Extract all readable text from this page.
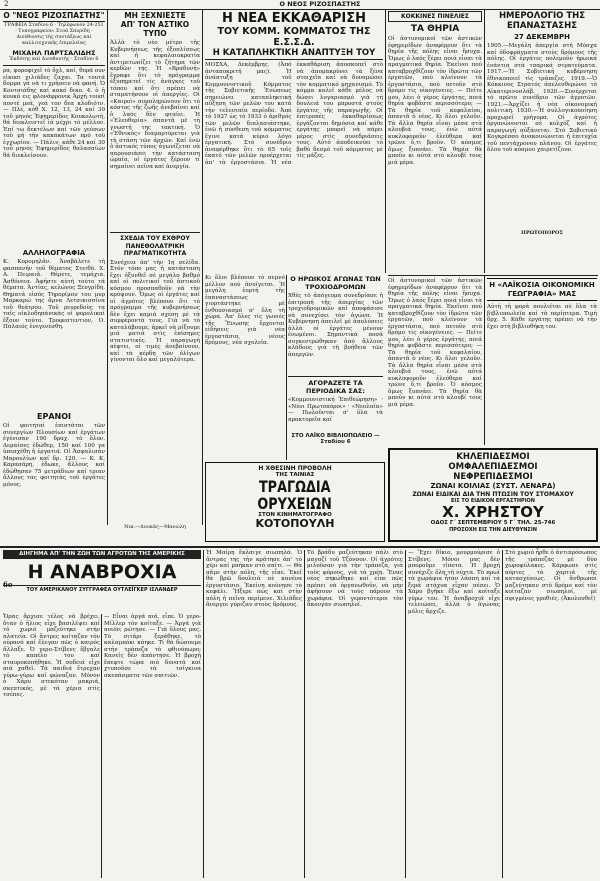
2	Ο ΝΕΟΣ ΡΙΖΟΣΠΑΣΤΗΣ
Ο "ΝΕΟΣ ΡΙΖΟΣΠΑΣΤΗΣ"
ΓΡΑΦΕΙΑ Σταδίου 6 · Τηλέφωνον 24-251 · Τυπογραφείον: Στοά Σπυρίδη · Διεύθυνσις τῆς συντάξεως καί καλλιτεχνικῆς ἐπιμελείας
ΜΙΧΑΗΛ ΠΑΡΤΣΑΛΙΔΗΣ
Ἐκδότης καί Διευθυντής · Σταδίου 6
ρα, φοροφιχεῖ τὸ ὄχλ, καί, θορά ουν εἰκοσι χιλιάδες ζαχαι. Τα τουτά δομμα γὰ νὰ τι χρήσειν νὰ φανή. Ὁ Κουτσιάδης καί κακό δικο. 4. ὁ ἡ κουκό εις φλονάφρονικ Ἀρχή τουσί ποντέ μεὰ, γεά τον δεα κλοδιότν. — Πλέ, κόθ Χ. 12, 13, 24 καί 30 τοῦ μηνός Ἐφημερίδος Κουκολωτή, θά διεκλειστεῖ ἰά μέχρι τὸ μέλλον. Ἐπί τω δεκτέλων καί τῶν γεύσων τοῦ μή τὴν κακακάτων πρό τοὺ ἐγχωρίου. — Πάλιν, κάθε 24 καί 30 τοῦ μηνός Ἐφημερίδος θαλασσίων θά διεκλείσουν.
ΑΛΛΗΛΟΓΡΑΦΙΑ
Κ. Κορομηλᾶν. Ἀναβάλετε τὴ φασπανήν τοῦ θέματος Στειθό. Χ. Α. Πειραιᾶ. Θέρετε, τεμάχια. Ἀσθόνεια. Ἀφήστε αὐτή τούτο τά θέματα. Ἀντίας, κελώνος Ξευγρίδη. Θηματά εἰσός Τηρορίμου του μυρ Μαρκαρώ της ἄρνα Λετσικισσίνα τοῦ θεάτρου. Τοῦ ρευρεδοὺς τα ταῖς οἰκλοδηπάνικὰς οἱ φορολικαὶ ἔξουν τούτο. Τροφεστεντιον, Ο. Παλαιός ἐνεγενέσθη.
ΕΡΑΝΟΙ
Οἱ φοιτηταὶ ἐπιστάται τῶν συνεργίων Πλουσίων καί ἐργάτων ἐγένισαν 190 δραχ. τὸ ὅλον. Δεμαίσες ἐδώθερ, 150 καί 100 γα ὑπεσχέθη ἡ ἐργατιά. Οἱ Ἀσφαλισάν Μαρουλίων καί δρ. 120. — Κ. Κ. Καρασάρη, ἐδωκε, ἄλλους καί ἐδώθησαν 75 μετράδιων καί τριαν ἄλλους τας φοιτητὰς τοῦ ἐργάτες μόνος.
ΜΗ ΞΕΧΝΙΕΣΤΕ
ΑΠ' ΤΟΝ ΑΣΤΙΚΟ ΤΥΠΟ
Ἀλλὰ τὸ νέο μέτρο τῆς Κυβερνήσεως τῆς ἐξοπλίσεως καί ἡ κεφαλαιοκρατία ἀντιμετωπίζει τὸ ζήτημα τῶν κερδῶν της. Ἡ «Βραδυνή» ἔγραφε ὅτι τὸ πρόγραμμα ἐξυπηρετεῖ τὶς ἀνάγκες τοῦ τόπου καί ὅτι πρέπει νὰ σταματήσουν οἱ ἀπεργίες. Οἱ «Καιροὶ» συμπληρώνουν ὅτι τὸ κόστος τῆς ζωῆς ἀνεβαίνει καί ὁ λαός δὲν φταίει. Ἡ «Ἐλευθερία» ἀπαντᾶ μὲ τὴ γνωστή της τακτική. Ὁ «Ἐθνικός» διαμαρτύρεται γιὰ τὴ στάση τῶν ἀρχῶν. Καί ἐνῶ ὁ ἀστικός τύπος ἀγωνίζεται νὰ παρουσιάσει τὴν κατάσταση ὡραία, οἱ ἐργάτες ξέρουν τί σημαίνει πεῖνα καί ἀνεργία.
ΣΧΕΔΙΑ ΤΟΥ ΕΧΘΡΟΥ ΠΑΝΕΘΟΛΑΤΡΙΚΗ ΠΡΑΓΜΑΤΙΚΟΤΗΤΑ
Συνέχεια ἀπ' τὴν 1η σελίδα. Στόν τόπο μας ἡ κατάσταση ἔχει ὀξυνθεῖ σὲ μεγάλο βαθμό καί οἱ πολιτικοί τοῦ ἀστικοῦ κόσμου προσπαθοῦν νὰ τὴν κρύψουν. Ὅμως οἱ ἐργάτες καί οἱ ἀγρότες βλέπουν ὅτι τὸ πρόγραμμα τῆς κυβερνήσεως δὲν ἔχει καμιά σχέση μὲ τὰ συμφέροντά τους. Γιὰ νὰ τὸ καταλάβουμε, ἀρκεῖ νὰ ρίξουμε μιά ματιά στὶς ἐπίσημες στατιστικές. Ἡ παραγωγή πέφτει, οἱ τιμές ἀνεβαίνουν, καί τὰ κέρδη τῶν ὀλίγων γίνονται ὅλο καί μεγαλύτερα.
Νικ.—Δουκᾶς—Μανώλη
Η ΝΕΑ ΕΚΚΑΘΑΡΙΣΗ
ΤΟΥ ΚΟΜΜ. ΚΟΜΜΑΤΟΣ ΤΗΣ Ε.Σ.Σ.Δ.
Η ΚΑΤΑΠΛΗΚΤΙΚΗ ΑΝΑΠΤΥΞΗ ΤΟΥ
ΜΟΣΧΑ, Δεκέμβρης. (Ἀπό ἀνταποκριτή μας). Ἡ ἀνάπτυξη τοῦ Κομμουνιστικοῦ Κόμματος τῆς Σοβιετικῆς Ἑνώσεως σημειώνει καταπληκτική αὔξηση τῶν μελῶν του κατά τὴν τελευταία περίοδο. Ἀπό τὸ 1927 ὡς τὸ 1933 ὁ ἀριθμός τῶν μελῶν διπλασιάστηκε, ἐνῶ ἡ σύνθεση τοῦ κόμματος ἔγινε κατά κύριο λόγο ἐργατική. Στό συνέδριο ἀναφέρθηκε ὅτι τὸ 65 τοῖς ἑκατό τῶν μελῶν προέρχεται ἀπ' τὰ ἐργοστάσια. Ἡ νέα ἐκκαθάριση ἀποσκοπεῖ στὸ νὰ ἀπομακρύνει τὰ ξένα στοιχεῖα καί νὰ δυναμώσει τὸν κομματικό μηχανισμό. Τὸ κόμμα καλεῖ κάθε μέλος νὰ δώσει λογαριασμό γιὰ τὴ δουλειά του μπροστά στοὺς ἐργάτες τῆς παραγωγῆς. Οἱ ἐπιτροπές ἐκκαθαρίσεως ἐργάζονται δημόσια καί κάθε ἐργάτης μπορεῖ νὰ πάρει μέρος στὶς συνεδριάσεις τους. Αὐτό ἀποδεικνύει τὸ βαθὺ δεσμό τοῦ κόμματος μὲ τὶς μάζες.
ΚΟΚΚΙΝΕΣ ΠΙΝΕΛΙΕΣ
ΤΑ ΘΗΡΙΑ
Οἱ ἀστυνομικοί τῶν ἀστικῶν ἐφημερίδων ἀναφέρουν ὅτι τὰ θηρία τῆς πόλης εἶναι ἥσυχα. Ὅμως ὁ λαός ξέρει ποιά εἶναι τὰ πραγματικά θηρία. Ἐκεῖνοι πού καταβροχθίζουν τὸν ἱδρῶτα τῶν ἐργατῶν, πού κλείνουν τὰ ἐργοστάσια, πού πετοῦν στὸ δρόμο τὶς οἰκογένειες. — Πείτε μου, λέει ὁ γέρος ἐργάτης, ποιά θηρία φοβᾶστε περισσότερο; — Τὰ θηρία τοῦ κεφαλαίου, ἀπαντᾶ ὁ νέος. Κι ὅλοι γελοῦν. Τὰ ἄλλα θηρία εἶναι μέσα στὰ κλουβιά τους, ἐνῶ αὐτά κυκλοφοροῦν ἐλεύθερα καί τρῶνε ὅ,τι βροῦν. Ὁ κόσμος ὅμως ξυπνάει. Τὰ θηρία θὰ μποῦν κι αὐτά στὸ κλουβί τους μιά μέρα.
ΗΜΕΡΟΛΟΓΙΟ ΤΗΣ ΕΠΑΝΑΣΤΑΣΗΣ
27 ΔΕΚΕΜΒΡΗ
1905.—Μεγάλη ἀπεργία στή Μόσχα καί ὀδοφράγματα στοὺς δρόμους τῆς πόλης. Οἱ ἐργάτες πολεμοῦν ἡρωικά ἐνάντια στὰ τσαρικά στρατεύματα. 1917.—Ἡ Σοβιετική κυβέρνηση ἐθνικοποιεῖ τὶς τράπεζες. 1919.—Ὁ Κόκκινος Στρατός ἀπελευθερώνει τὸ Αἰκατερινοσλάβ. 1920.—Συνέρχεται τὸ πρῶτο συνέδριο τῶν ἀγροτῶν. 1921.—Ἀρχίζει ἡ νέα οἰκονομική πολιτική. 1930.—Ἡ συλλογικοποίηση προχωρεῖ γρήγορα. Οἱ ἀγρότες ὀργανώνονται σὲ κολχόζ καί ἡ παραγωγή αὐξάνεται. Στό Σοβιετικό Κογκρέσσο ἀνακοινώνεται ἡ ἐπιτυχία τοῦ πεντάχρονου πλάνου. Οἱ ἐργάτες ὅλου τοῦ κόσμου χαιρετίζουν.
ΠΡΩΤΟΠΟΡΟΣ
Ο ΗΡΩΙΚΟΣ ΑΓΩΝΑΣ ΤΩΝ ΤΡΟΧΙΟΔΡΟΜΩΝ
Χθές τὸ ἀπόγευμα συνεδρίασε ἡ ἐπιτροπή τῆς ἀπεργίας τῶν τροχιοδρομικῶν καί ἀποφάσισε νὰ συνεχίσει τὸν ἀγώνα. Ἡ Κυβέρνηση ἀπειλεῖ μὲ ἀπολύσεις ἀλλὰ οἱ ἐργάτες μένουν ἑνωμένοι. Σημαντικά ποσά συγκεντρώθηκαν ἀπό ἄλλους κλάδους γιὰ τὴ βοήθεια τῶν ἀπεργῶν.
ΑΓΟΡΑΖΕΤΕ ΤΑ ΠΕΡΙΟΔΙΚΑ ΣΑΣ:
«Κομμουνιστική Ἐπιθεώρηση» · «Νέοι Πρωτοπόροι» · «Νεολαία» — Πωλοῦνται σ' ὅλα τὰ πρακτορεῖα καί
ΣΤΟ ΛΑΪΚΟ ΒΙΒΛΙΟΠΩΛΕΙΟ — Σταδίου 6
Κι ὅλοι βλέπουν τὸ σεμνό μέλλον πού ἀνοίγεται. Ἡ μεγάλη ἑορτή τῆς ἐπαναστάσεως γιορτάστηκε μὲ ἐνθουσιασμό σ' ὅλη τὴ χώρα. Ἀπ' ὅλες τὶς γωνιές τῆς Ἕνωσης ἔρχονται εἰδήσεις γιὰ νέα ἐργοστάσια, νέους δρόμους, νέα σχολεῖα.
Η ΧΘΕΣΙΝΗ ΠΡΟΒΟΛΗ
ΤΗΣ ΤΑΙΝΙΑΣ
ΤΡΑΓΩΔΙΑ
ΟΡΥΧΕΙΩΝ
ΣΤΟΝ ΚΙΝΗΜΑΤΟΓΡΑΦΟ
ΚΟΤΟΠΟΥΛΗ
Οἱ ἀστυνομικοί τῶν ἀστικῶν ἐφημερίδων ἀναφέρουν ὅτι τὰ θηρία τῆς πόλης εἶναι ἥσυχα. Ὅμως ὁ λαός ξέρει ποιά εἶναι τὰ πραγματικά θηρία. Ἐκεῖνοι πού καταβροχθίζουν τὸν ἱδρῶτα τῶν ἐργατῶν, πού κλείνουν τὰ ἐργοστάσια, πού πετοῦν στὸ δρόμο τὶς οἰκογένειες. — Πείτε μου, λέει ὁ γέρος ἐργάτης, ποιά θηρία φοβᾶστε περισσότερο; — Τὰ θηρία τοῦ κεφαλαίου, ἀπαντᾶ ὁ νέος. Κι ὅλοι γελοῦν. Τὰ ἄλλα θηρία εἶναι μέσα στὰ κλουβιά τους, ἐνῶ αὐτά κυκλοφοροῦν ἐλεύθερα καί τρῶνε ὅ,τι βροῦν. Ὁ κόσμος ὅμως ξυπνάει. Τὰ θηρία θὰ μποῦν κι αὐτά στὸ κλουβί τους μιά μέρα.
Η «ΛΑΪΚΟΣΙΑ ΟΙΚΟΝΟΜΙΚΗ ΓΕΩΓΡΑΦΙΑ» ΜΑΣ
Αὐτή τὴ φορά πουλιέται σὲ ὅλα τὰ βιβλιοπωλεῖα καί τὰ περίπτερα. Τιμή δρχ. 5. Κάθε ἐργάτης πρέπει νὰ τὴν ἔχει στὴ βιβλιοθήκη του.
ΚΗΛΕΠΙΔΕΣΜΟΙ
ΟΜΦΑΛΕΠΙΔΕΣΜΟΙ
ΝΕΦΡΕΠΙΔΕΣΜΟΙ
ΖΩΝΑΙ ΚΟΙΛΙΑΣ (ΣΥΣΤ. ΛΕΝΑΡΔ)
ΖΩΝΑΙ ΕΙΔΙΚΑΙ ΔΙΑ ΤΗΝ ΠΤΩΣΙΝ ΤΟΥ ΣΤΟΜΑΧΟΥ
ΕΙΣ ΤΟ ΕΙΔΙΚΟΝ ΕΡΓΑΣΤΗΡΙΟΝ
Χ. ΧΡΗΣΤΟΥ
ΟΔΟΣ Γ΄ ΣΕΠΤΕΜΒΡΙΟΥ 5 Γ΄ ΤΗΛ. 25-746
ΠΡΟΣΟΧΗ ΕΙΣ ΤΗΝ ΔΙΕΥΘΥΝΣΙΝ
ΔΙΗΓΗΜΑ ΑΠ' ΤΗΝ ΖΩΗ ΤΩΝ ΑΓΡΟΤΩΝ ΤΗΣ ΑΜΕΡΙΚΗΣ
Η ΑΝΑΒΡΟΧΙΑ
6ο
ΤΟΥ ΑΜΕΡΙΚΑΝΟΥ ΣΥΓΓΡΑΦΕΑ ΟΥΤΛΕΪΓΚΕΡ ΙΣΛΑΝΔΕΡ
Ὅρας ἄρχισε τέλος νὰ βρέχει, ὅταν ὁ ἥλιος εἶχε βασιλέψει καί τὸ χωριό μαζεύτηκε στὴν πλατεία. Οἱ ἄντρες κοίταζαν τὸν οὐρανό καί ἔλεγαν πῶς ὁ καιρός ἄλλαξε. Ὁ γερο-Στίβενς ἔβγαλε τὸ καπέλο του καί σταυροκοπήθηκε. Ἡ σοδειά εἶχε πιά χαθεῖ. Τὰ παιδιά ἔτρεχαν γύρω-γύρω καί φώναζαν. Μόνον ὁ Χάρυ στεκόταν μακριά, σκεπτικός, μὲ τὰ χέρια στὶς τσέπες.
— Εἶναι ἀργά πιά, εἶπε. Ὁ γερο-Μίλλερ τὸν κοίταξε. — Ἀργά γιὰ ποιόν; ρώτησε. — Γιὰ ὅλους μας. Τὸ σιτάρι ξεράθηκε, τὸ καλαμπόκι κάηκε. Τί θὰ δώσουμε στὴν τράπεζα τὸ φθινόπωρο; Κανείς δὲν ἀπάντησε. Ἡ βροχή ἔπεφτε τώρα πιὸ δυνατά καί χτυποῦσε τὰ τσίγκινα σκεπάσματα τῶν σπιτιῶν.
Ἡ Μαίρη ἔκλαιγε σιωπηλά. Ὁ ἄντρας της τὴν κράτησε ἀπ' τὸ χέρι καί μπήκαν στὸ σπίτι. — Θὰ πᾶμε στὴν πόλη, τῆς εἶπε. Ἐκεῖ θὰ βρῶ δουλειά σὲ κανένα ἐργοστάσιο. Ἐκείνη κούνησε τὸ κεφάλι. Ἤξερε πώς καί στὴν πόλη ἡ πεῖνα περίμενε. Χιλιάδες ἄνεργοι γύριζαν στοὺς δρόμους.
Τὸ βράδυ μαζεύτηκαν πάλι στὸ μαγαζί τοῦ Τζόνσον. Οἱ ἀγρότες μιλοῦσαν γιὰ τὴν τράπεζα, γιὰ τοὺς φόρους, γιὰ τὰ χρέη. Ἕνας νέος σηκώθηκε καί εἶπε πῶς πρέπει νὰ ὀργανωθοῦν, νὰ μὴν ἀφήσουν νὰ τοὺς πάρουν τὰ χωράφια. Οἱ γεροντότεροι τὸν ἄκουγαν σιωπηλοί.
— Ἔχει δίκιο, μουρμούρισε ὁ Στίβενς. Μόνοι μας δὲν μποροῦμε τίποτα. Ἡ βροχή συνέχιζε ὅλη τὴ νύχτα. Τὸ πρωί τὰ χωράφια ἦταν λάσπη καί τὰ ξερά στάχυα εἶχαν πέσει. Ὁ Χάρυ βγῆκε ἔξω καί κοίταξε γύρω του. Ἡ ἀναβροχιά εἶχε τελειώσει, ἀλλὰ ὁ ἀγώνας μόλις ἄρχιζε.
Στὸ χωριό ἦρθε ὁ ἀντιπρόσωπος τῆς τράπεζας μὲ δύο χωροφύλακες. Κάρφωσε στὶς πόρτες τὰ χαρτιά τῆς κατασχέσεως. Οἱ ἄνθρωποι μαζεύτηκαν στὸ δρόμο καί τὸν κοίταζαν σιωπηλοί, μὲ σφιγμένες γροθιές. (Ἀκολουθεῖ)
